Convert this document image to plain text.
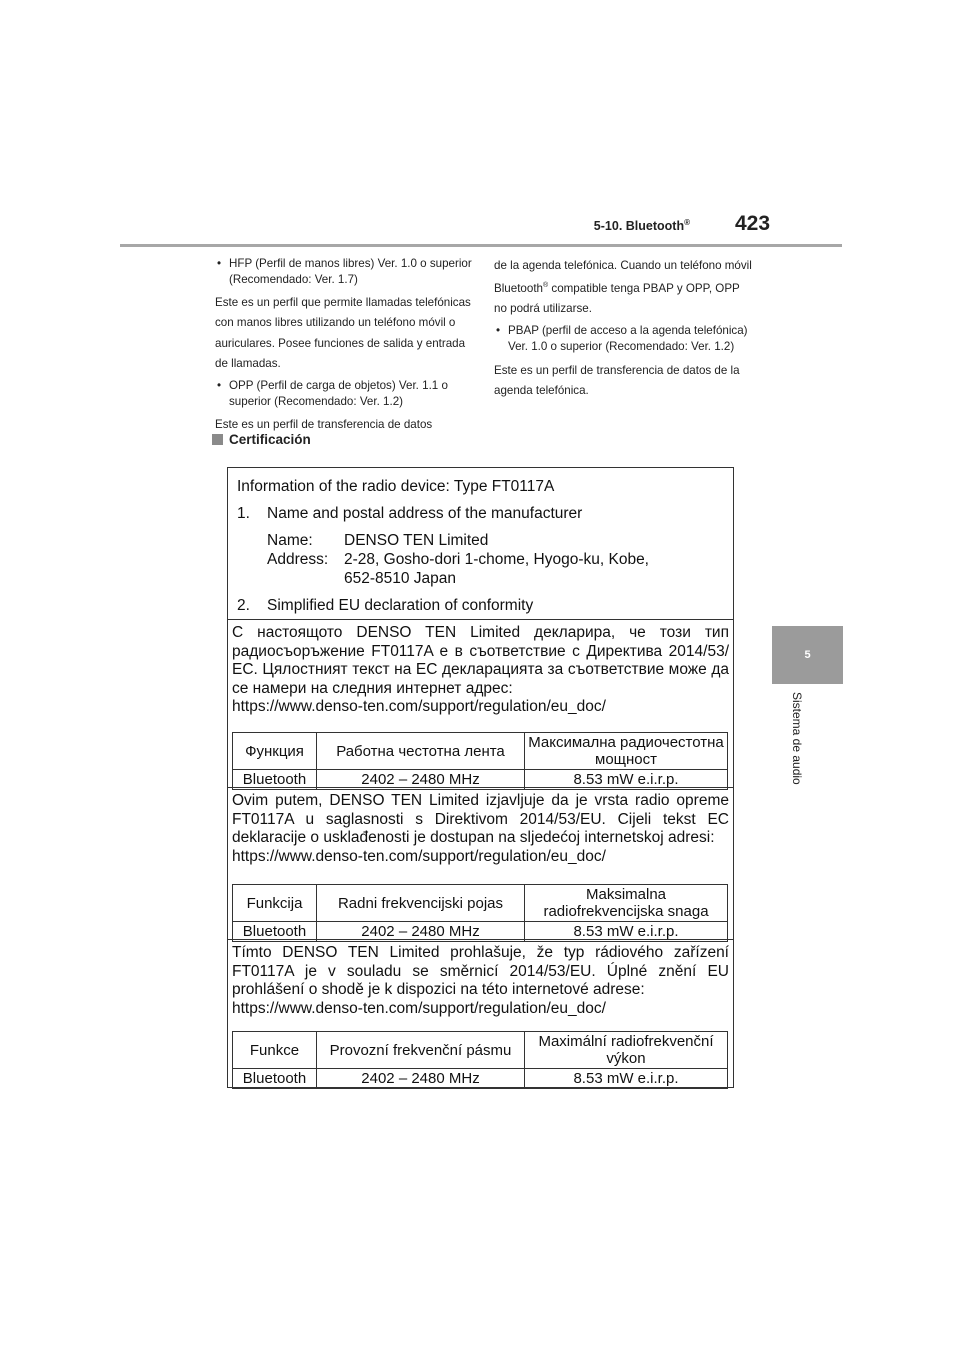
5-10. Bluetooth® 423
5
Sistema de audio
• HFP (Perfil de manos libres) Ver. 1.0 o superior (Recomendado: Ver. 1.7)
Este es un perfil que permite llamadas telefónicas con manos libres utilizando un teléfono móvil o auriculares. Posee funciones de salida y entrada de llamadas.
• OPP (Perfil de carga de objetos) Ver. 1.1 o superior (Recomendado: Ver. 1.2)
Este es un perfil de transferencia de datos
de la agenda telefónica. Cuando un teléfono móvil Bluetooth® compatible tenga PBAP y OPP, OPP no podrá utilizarse.
• PBAP (perfil de acceso a la agenda telefónica) Ver. 1.0 o superior (Recomendado: Ver. 1.2)
Este es un perfil de transferencia de datos de la agenda telefónica.
Certificación
Information of the radio device: Type FT0117A
1. Name and postal address of the manufacturer
Name: DENSO TEN Limited
Address: 2-28, Gosho-dori 1-chome, Hyogo-ku, Kobe,
652-8510 Japan
2. Simplified EU declaration of conformity
С настоящото DENSO TEN Limited декларира, че този тип радиосъоръжение FT0117A е в съответствие с Директива 2014/53/ЕС. Цялостният текст на ЕС декларацията за съответствие може да се намери на следния интернет адрес:
https://www.denso-ten.com/support/regulation/eu_doc/
Функция	Работна честотна лента	Максимална радиочестотна мощност
Bluetooth	2402 – 2480 MHz	8.53 mW e.i.r.p.
Ovim putem, DENSO TEN Limited izjavljuje da je vrsta radio opreme FT0117A u saglasnosti s Direktivom 2014/53/EU. Cijeli tekst EC deklaracije o usklađenosti je dostupan na sljedećoj internetskoj adresi:
https://www.denso-ten.com/support/regulation/eu_doc/
Funkcija	Radni frekvencijski pojas	Maksimalna radiofrekvencijska snaga
Bluetooth	2402 – 2480 MHz	8.53 mW e.i.r.p.
Tímto DENSO TEN Limited prohlašuje, že typ rádiového zařízení FT0117A je v souladu se směrnicí 2014/53/EU. Úplné znění EU prohlášení o shodě je k dispozici na této internetové adrese:
https://www.denso-ten.com/support/regulation/eu_doc/
Funkce	Provozní frekvenční pásmu	Maximální radiofrekvenční výkon
Bluetooth	2402 – 2480 MHz	8.53 mW e.i.r.p.
